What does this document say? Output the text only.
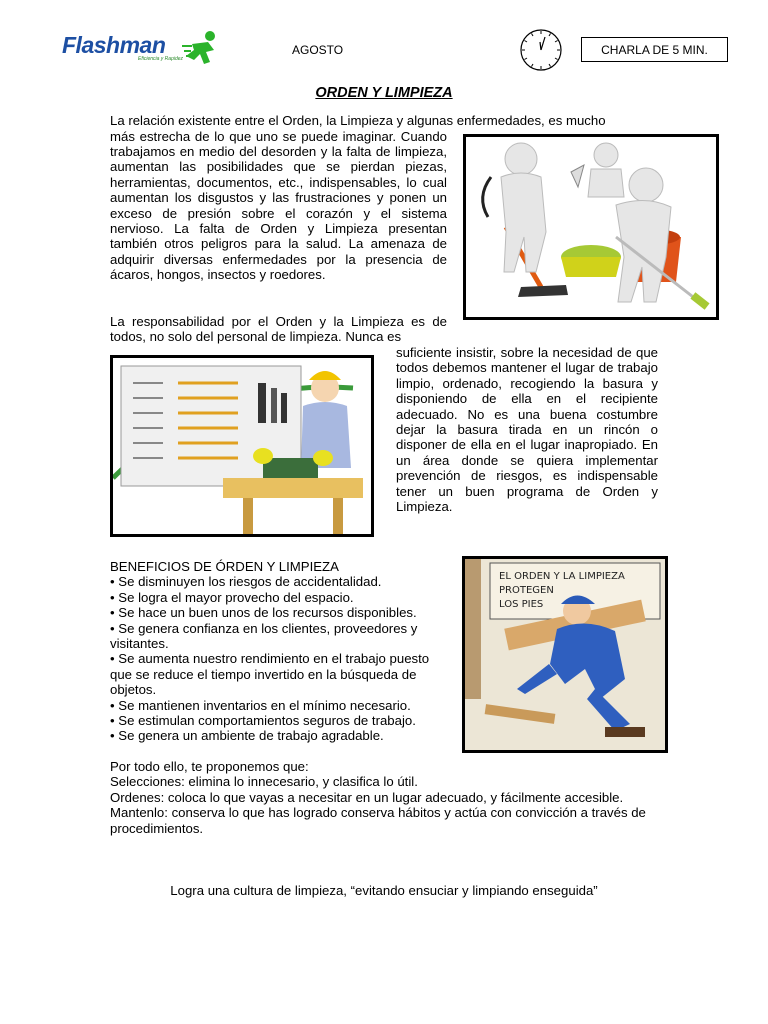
Flashman
Eficiencia y Rapidez
AGOSTO	CHARLA DE 5 MIN.
ORDEN Y LIMPIEZA
La relación existente entre el Orden, la Limpieza y algunas enfermedades, es mucho
más estrecha de lo que uno se puede imaginar. Cuando trabajamos en medio del desorden y la falta de limpieza, aumentan las posibilidades que se pierdan piezas, herramientas, documentos, etc., indispensables, lo cual aumentan los disgustos y las frustraciones y ponen un exceso de presión sobre el corazón y el sistema nervioso. La falta de Orden y Limpieza presentan también otros peligros para la salud. La amenaza de adquirir diversas enfermedades por la presencia de ácaros, hongos, insectos y roedores.
La responsabilidad por el Orden y la Limpieza es de todos, no solo del personal de limpieza. Nunca es
suficiente insistir, sobre la necesidad de que todos debemos mantener el lugar de trabajo limpio, ordenado, recogiendo la basura y disponiendo de ella en el recipiente adecuado. No es una buena costumbre dejar la basura tirada en un rincón o disponer de ella en el lugar inapropiado. En un área donde se quiera implementar prevención de riesgos, es indispensable tener un buen programa de Orden y Limpieza.
BENEFICIOS DE ÓRDEN Y LIMPIEZA
• Se disminuyen los riesgos de accidentalidad.
• Se logra el mayor provecho del espacio.
• Se hace un buen unos de los recursos disponibles.
• Se genera confianza en los clientes, proveedores y visitantes.
• Se aumenta nuestro rendimiento en el trabajo puesto que se reduce el tiempo invertido en la búsqueda de objetos.
• Se mantienen inventarios en el mínimo necesario.
• Se estimulan comportamientos seguros de trabajo.
• Se genera un ambiente de trabajo agradable.
EL ORDEN Y LA LIMPIEZA
PROTEGEN
LOS PIES
Por todo ello, te proponemos que:
Selecciones: elimina lo innecesario, y clasifica lo útil.
Ordenes: coloca lo que vayas a necesitar en un lugar adecuado, y fácilmente accesible.
Mantenlo: conserva lo que has logrado conserva hábitos y actúa con convicción a través de procedimientos.
Logra una cultura de limpieza, “evitando ensuciar y limpiando enseguida”
